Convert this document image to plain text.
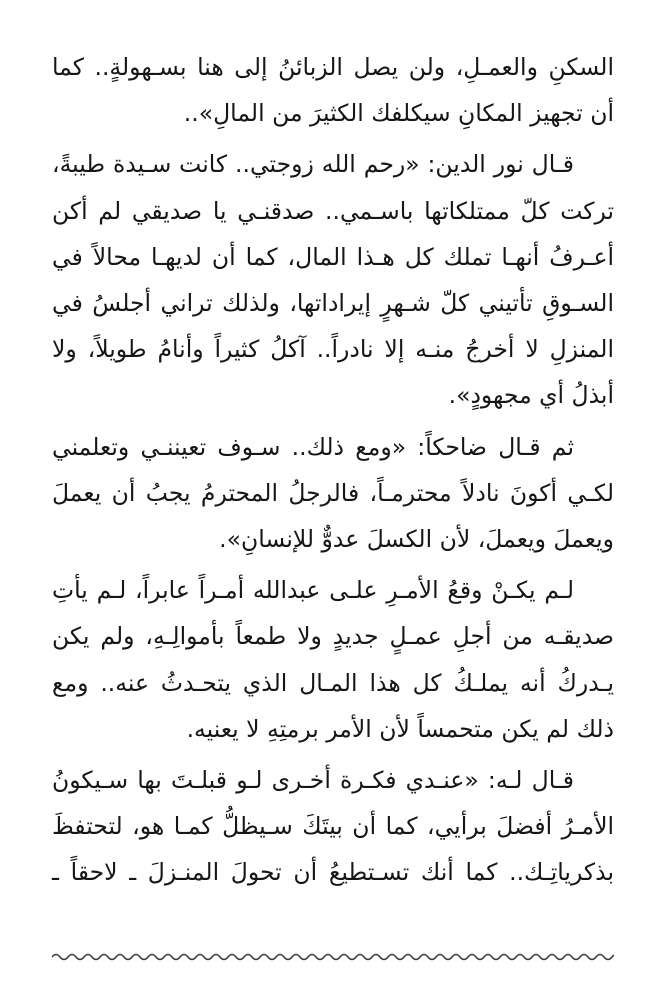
السكنِ والعمـلِ، ولن يصل الزبائنُ إلى هنا بسـهولةٍ.. كما
أن تجهيز المكانِ سيكلفك الكثيرَ من المالِ»..
قـال نور الدين: «رحم الله زوجتي.. كانت سـيدة طيبةً،
تركت كلّ ممتلكاتها باسـمي.. صدقنـي يا صديقي لم أكن
أعـرفُ أنهـا تملك كل هـذا المال، كما أن لديهـا محالاً في
السـوقِ تأتيني كلّ شـهرٍ إيراداتها، ولذلك تراني أجلسُ في
المنزلِ لا أخرجُ منـه إلا نادراً.. آكلُ كثيراً وأنامُ طويلاً، ولا
أبذلُ أي مجهودٍ».
ثم قـال ضاحكاً: «ومع ذلك.. سـوف تعيننـي وتعلمني
لكـي أكونَ نادلاً محترمـاً، فالرجلُ المحترمُ يجبُ أن يعملَ
ويعملَ ويعملَ، لأن الكسلَ عدوٌّ للإنسانِ».
لـم يكـنْ وقعُ الأمـرِ علـى عبدالله أمـراً عابراً، لـم يأتِ
صديقـه من أجلِ عمـلٍ جديدٍ ولا طمعاً بأموالِـهِ، ولم يكن
يـدركُ أنه يملـكُ كل هذا المـال الذي يتحـدثُ عنه.. ومع
ذلك لم يكن متحمساً لأن الأمر برمتِهِ لا يعنيه.
قـال لـه: «عنـدي فكـرة أخـرى لـو قبلـتَ بها سـيكونُ
الأمـرُ أفضلَ برأيي، كما أن بيتَكَ سـيظلُّ كمـا هو، لتحتفظَ
بذكرياتِـك.. كما أنك تسـتطيعُ أن تحولَ المنـزلَ ـ لاحقاً ـ
